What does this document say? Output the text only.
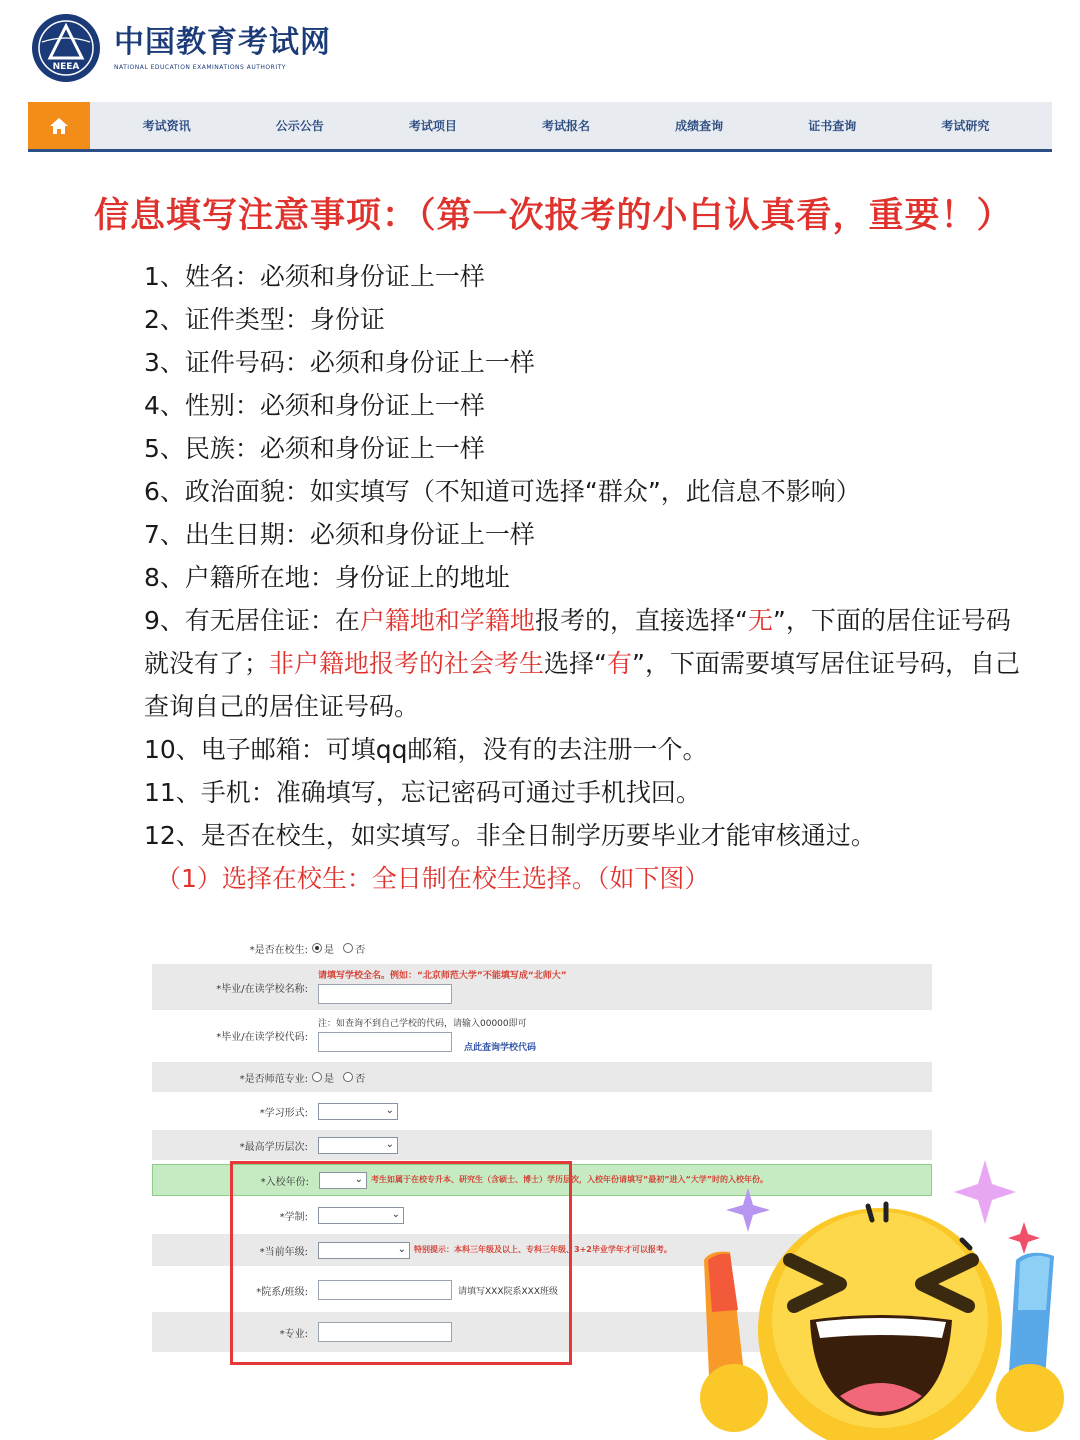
NEEA
中国教育考试网
NATIONAL EDUCATION EXAMINATIONS AUTHORITY
考试资讯	公示公告	考试项目	考试报名	成绩查询	证书查询	考试研究
信息填写注意事项：（第一次报考的小白认真看，重要！）
1、姓名：必须和身份证上一样
2、证件类型：身份证
3、证件号码：必须和身份证上一样
4、性别：必须和身份证上一样
5、民族：必须和身份证上一样
6、政治面貌：如实填写（不知道可选择“群众”，此信息不影响）
7、出生日期：必须和身份证上一样
8、户籍所在地：身份证上的地址
9、有无居住证：在户籍地和学籍地报考的，直接选择“无”，下面的居住证号码就没有了；非户籍地报考的社会考生选择“有”，下面需要填写居住证号码，自己查询自己的居住证号码。
10、电子邮箱：可填qq邮箱，没有的去注册一个。
11、手机：准确填写，忘记密码可通过手机找回。
12、是否在校生，如实填写。非全日制学历要毕业才能审核通过。
（1）选择在校生：全日制在校生选择。（如下图）
*是否在校生:	是 否
*毕业/在读学校名称:
请填写学校全名。例如：“北京师范大学”不能填写成“北师大”
*毕业/在读学校代码:
注：如查询不到自己学校的代码，请输入00000即可
点此查询学校代码
*是否师范专业:	是 否
*学习形式:	⌄
*最高学历层次:	⌄
*入校年份:	⌄ 考生如属于在校专升本、研究生（含硕士、博士）学历层次，入校年份请填写“最初”进入“大学”时的入校年份。
*学制:	⌄
*当前年级:	⌄ 特别提示：本科三年级及以上、专科三年级、3+2毕业学年才可以报考。
*院系/班级:	请填写XXX院系XXX班级
*专业:
